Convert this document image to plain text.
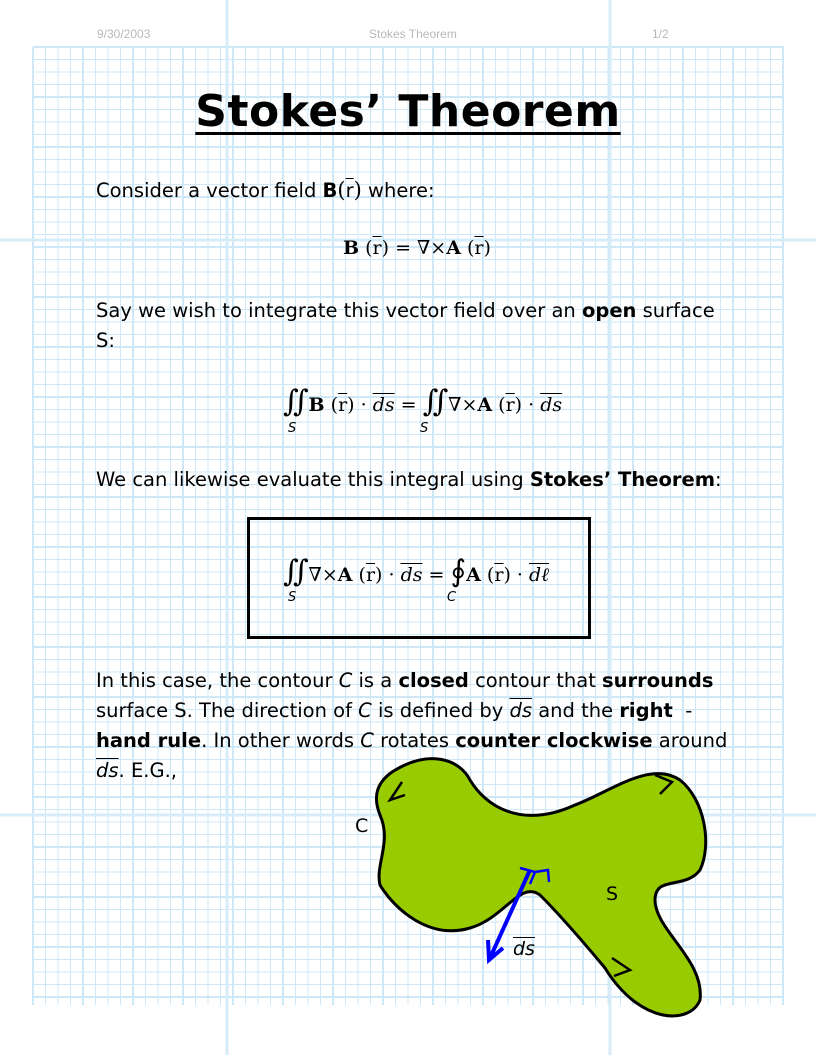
9/30/2003	Stokes Theorem	1/2
Stokes’ Theorem
Consider a vector field $B(\overline{r})$ where:
B $(\overline{r}) = \nabla\times A$ $(\overline{r})$
Say we wish to integrate this vector field over an open surface
S:
∬B $(\overline{r}) \cdot \overline{ds}$ = ∬∇×A $(\overline{r}) \cdot \overline{ds}$
S	S
We can likewise evaluate this integral using Stokes’ Theorem:
∬∇×A $(\overline{r}) \cdot \overline{ds}$ = ∮A $(\overline{r})$ · dℓ
S	C
In this case, the contour C is a closed contour that surrounds
surface S. The direction of C is defined by $\overline{ds}$ and the right -
hand rule. In other words C rotates counter clockwise around
$\overline{ds}$. E.G.,
C
S
$\overline{ds}$
